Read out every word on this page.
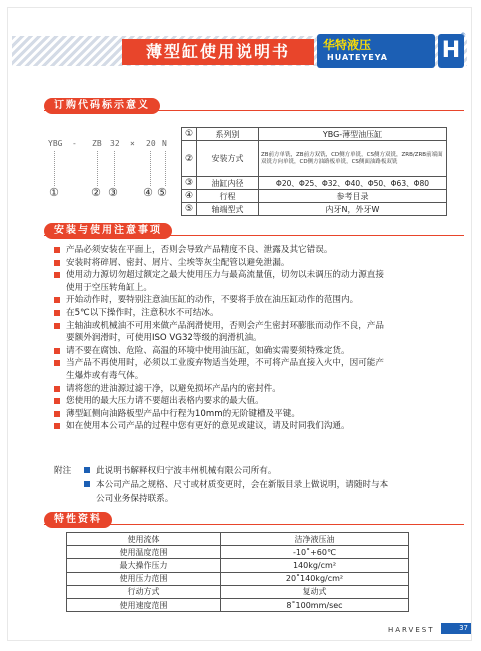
薄型缸使用说明书	华特液压
HUATEYEYA H
®
订购代码标示意义
YBG - ZB 32 × 20 N
①	② ③ ④ ⑤
①	系列别	YBG-薄型油压缸
②	安装方式	ZB前方单铣，ZB前方双铣，CD侧方单铣，CS侧方双铣，ZRB/ZRB前端面双铣方向单铣，CD侧方油路板单铣，CS侧面油路板双铣
③	油缸内径	Φ20、Φ25、Φ32、Φ40、Φ50、Φ63、Φ80
④	行程	参考目录
⑤	轴端型式	内牙N，外牙W
安装与使用注意事项
产品必须安装在平面上，否则会导致产品精度不良、泄露及其它错误。
安装时将碎屑、密封、屑片、尘埃等灰尘配管以避免泄漏。
使用动力源切勿超过额定之最大使用压力与最高流量值，切勿以未调压的动力源直接
使用于空压转角缸上。
开始动作时，要特别注意油压缸的动作，不要将手放在油压缸动作的范围内。
在5℃以下操作时，注意积水不可结冰。
主轴油或机械油不可用来做产品润滑使用，否则会产生密封环膨胀而动作不良，产品
要额外润滑时，可使用ISO VG32等级的润滑机油。
请不要在腐蚀、危险、高温的环境中使用油压缸，如确实需要须特殊定货。
当产品不再使用时，必须以工业废弃物适当处理，不可将产品直接入火中，因可能产
生爆炸或有毒气体。
请将您的进油源过滤干净，以避免损坏产品内的密封件。
您使用的最大压力请不要超出表格内要求的最大值。
薄型缸侧向油路板型产品中行程为10mm的无阶键槽及平键。
如在使用本公司产品的过程中您有更好的意见或建议，请及时同我们沟通。
附注	此说明书解释权归宁波丰州机械有限公司所有。
本公司产品之规格、尺寸或材质变更时，会在新版目录上做说明，请随时与本
公司业务保持联系。
特性资料
使用流体	洁净液压油
使用温度范围	-10˚+60℃
最大操作压力	140kg/cm²
使用压力范围	20˚140kg/cm²
行动方式	复动式
使用速度范围	8˚100mm/sec
HARVEST	37
